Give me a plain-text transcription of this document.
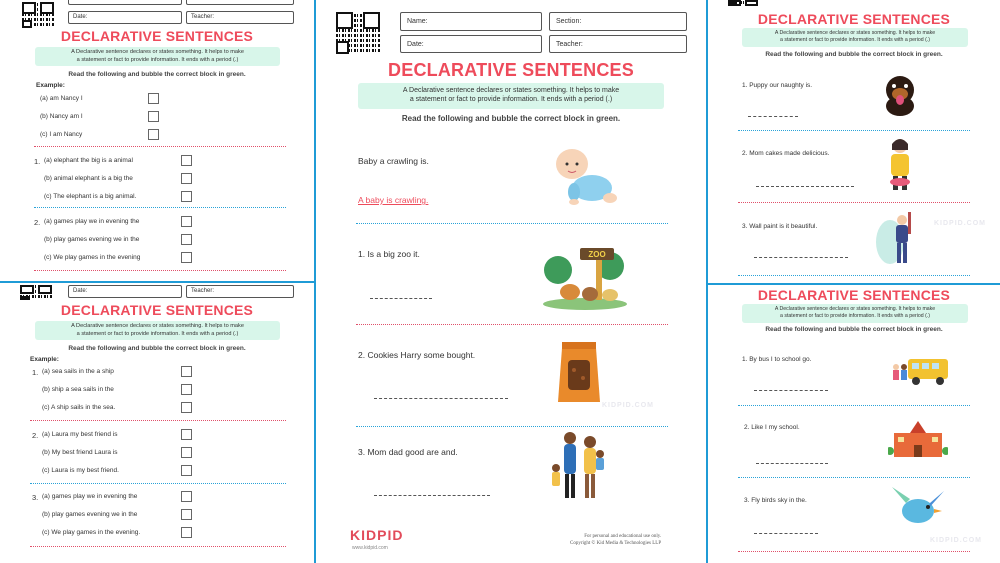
Date:	Teacher:
DECLARATIVE SENTENCES
A Declarative sentence declares or states something. It helps to make
a statement or fact to provide information. It ends with a period (.)
Read the following and bubble the correct block in green.
Example:
(a) am Nancy I
(b) Nancy am I
(c) I am Nancy
1. (a) elephant the big is a animal
(b) animal elephant is a big the
(c) The elephant is a big animal.
2. (a) games play we in evening the
(b) play games evening we in the
(c) We play games in the evening
Date:	Teacher:
DECLARATIVE SENTENCES
A Declarative sentence declares or states something. It helps to make
a statement or fact to provide information. It ends with a period (.)
Read the following and bubble the correct block in green.
Example:
1. (a) sea sails in the a ship
(b) ship a sea sails in the
(c) A ship sails in the sea.
2. (a) Laura my best friend is
(b) My best friend Laura is
(c) Laura is my best friend.
3. (a) games play we in evening the
(b) play games evening we in the
(c) We play games in the evening.
Name:	Section:
Date:	Teacher:
DECLARATIVE SENTENCES
A Declarative sentence declares or states something. It helps to make
a statement or fact to provide information. It ends with a period (.)
Read the following and bubble the correct block in green.
Baby a crawling is.
A baby is crawling.
1. Is a big zoo it.	ZOO
2. Cookies Harry some bought.
KIDPID.COM
3. Mom dad good are and.
KIDPID
www.kidpid.com
For personal and educational use only.
Copyright © Kid Media & Technologies LLP
DECLARATIVE SENTENCES
A Declarative sentence declares or states something. It helps to make
a statement or fact to provide information. It ends with a period (.)
Read the following and bubble the correct block in green.
1. Puppy our naughty is.
2. Mom cakes made delicious.
3. Wall paint is it beautiful.	KIDPID.COM
DECLARATIVE SENTENCES
A Declarative sentence declares or states something. It helps to make
a statement or fact to provide information. It ends with a period (.)
Read the following and bubble the correct block in green.
1. By bus I to school go.
2. Like I my school.
3. Fly birds sky in the.
KIDPID.COM
